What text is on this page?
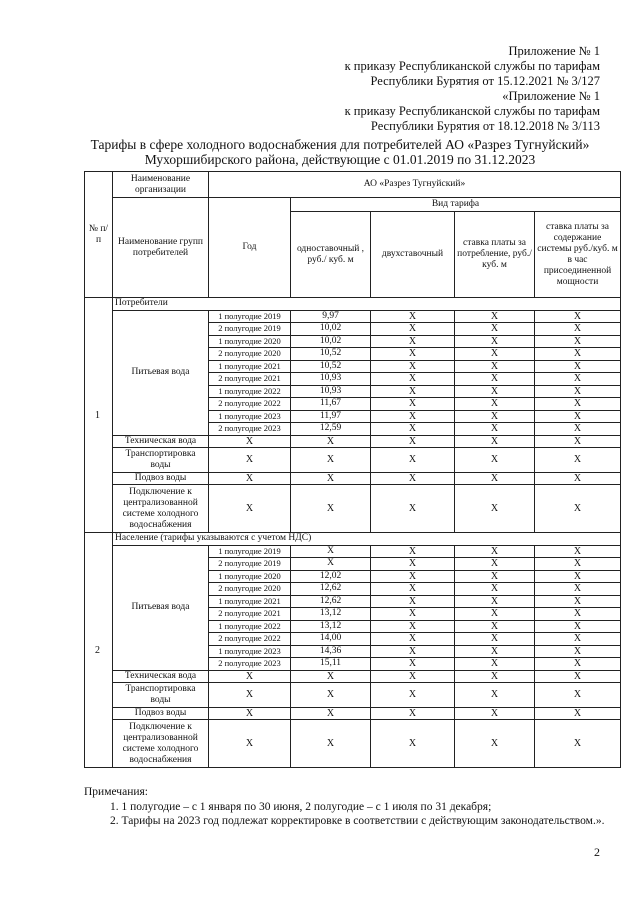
Приложение № 1
к приказу Республиканской службы по тарифам
Республики Бурятия от 15.12.2021 № 3/127
«Приложение № 1
к приказу Республиканской службы по тарифам
Республики Бурятия от 18.12.2018 № 3/113
Тарифы в сфере холодного водоснабжения для потребителей АО «Разрез Тугнуйский»
Мухоршибирского района, действующие с 01.01.2019 по 31.12.2023
№ п/п	Наименование организации	АО «Разрез Тугнуйский»				
	Наименование групп потребителей	Год	Вид тарифа			
			одноставочный , руб./ куб. м	двухставочный	ставка платы за потребление, руб./ куб. м	ставка платы за содержание системы руб./куб. м в час присоединенной мощности
1	Потребители					
	Питьевая вода	1 полугодие 2019	9,97	Х	Х	Х
		2 полугодие 2019	10,02	Х	Х	Х
		1 полугодие 2020	10,02	Х	Х	Х
		2 полугодие 2020	10,52	Х	Х	Х
		1 полугодие 2021	10,52	Х	Х	Х
		2 полугодие 2021	10,93	Х	Х	Х
		1 полугодие 2022	10,93	Х	Х	Х
		2 полугодие 2022	11,67	Х	Х	Х
		1 полугодие 2023	11,97	Х	Х	Х
		2 полугодие 2023	12,59	Х	Х	Х
	Техническая вода	Х	Х	Х	Х	Х
	Транспортировка воды	Х	Х	Х	Х	Х
	Подвоз воды	Х	Х	Х	Х	Х
	Подключение к централизованной системе холодного водоснабжения	Х	Х	Х	Х	Х
2	Население (тарифы указываются с учетом НДС)					
	Питьевая вода	1 полугодие 2019	Х	Х	Х	Х
		2 полугодие 2019	Х	Х	Х	Х
		1 полугодие 2020	12,02	Х	Х	Х
		2 полугодие 2020	12,62	Х	Х	Х
		1 полугодие 2021	12,62	Х	Х	Х
		2 полугодие 2021	13,12	Х	Х	Х
		1 полугодие 2022	13,12	Х	Х	Х
		2 полугодие 2022	14,00	Х	Х	Х
		1 полугодие 2023	14,36	Х	Х	Х
		2 полугодие 2023	15,11	Х	Х	Х
	Техническая вода	Х	Х	Х	Х	Х
	Транспортировка воды	Х	Х	Х	Х	Х
	Подвоз воды	Х	Х	Х	Х	Х
	Подключение к централизованной системе холодного водоснабжения	Х	Х	Х	Х	Х

Примечания:

1. 1 полугодие – с 1 января по 30 июня, 2 полугодие – с 1 июля по 31 декабря;

2. Тарифы на 2023 год подлежат корректировке в соответствии с действующим законодательством.».

2
